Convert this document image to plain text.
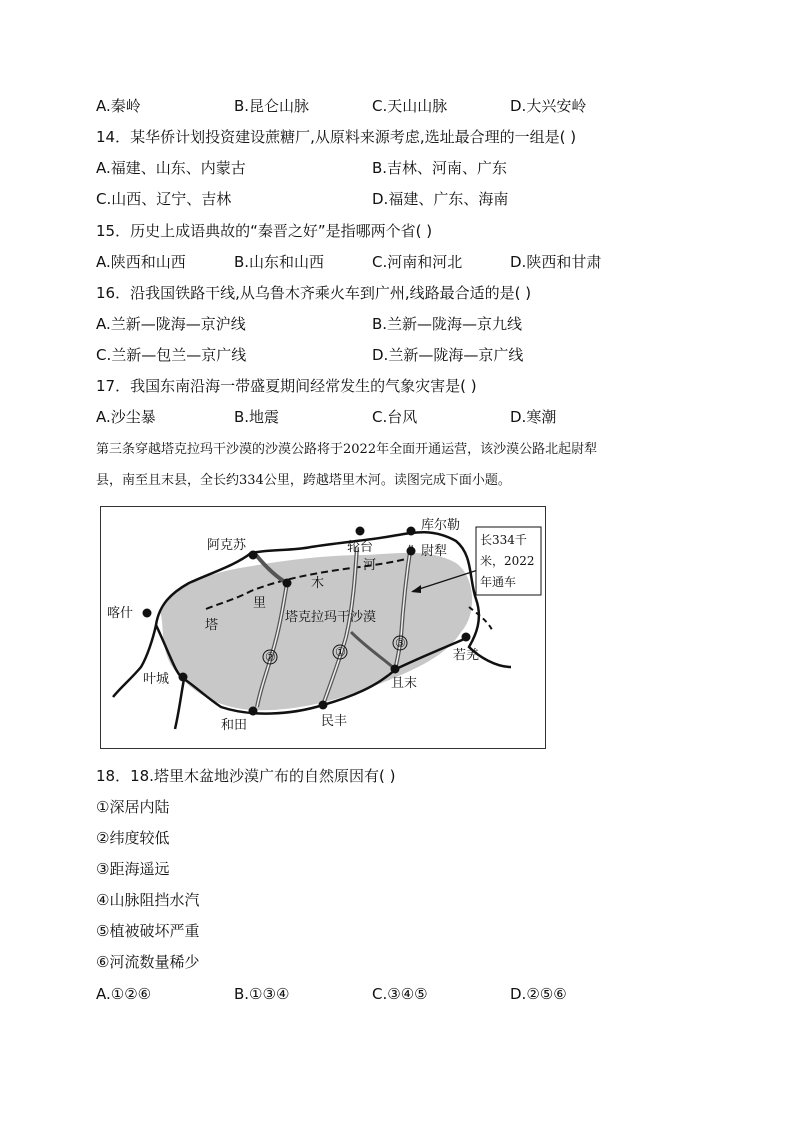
A.秦岭	B.昆仑山脉	C.天山山脉	D.大兴安岭
14．某华侨计划投资建设蔗糖厂,从原料来源考虑,选址最合理的一组是( )
A.福建、山东、内蒙古	B.吉林、河南、广东
C.山西、辽宁、吉林	D.福建、广东、海南
15．历史上成语典故的“秦晋之好”是指哪两个省( )
A.陕西和山西	B.山东和山西	C.河南和河北	D.陕西和甘肃
16．沿我国铁路干线,从乌鲁木齐乘火车到广州,线路最合适的是( )
A.兰新—陇海—京沪线	B.兰新—陇海—京九线
C.兰新—包兰—京广线	D.兰新—陇海—京广线
17．我国东南沿海一带盛夏期间经常发生的气象灾害是( )
A.沙尘暴	B.地震	C.台风	D.寒潮
第三条穿越塔克拉玛干沙漠的沙漠公路将于2022年全面开通运营，该沙漠公路北起尉犁
县，南至且末县，全长约334公里，跨越塔里木河。读图完成下面小题。
长334千
米，2022
年通车
阿克苏	轮台
库尔勒
尉犁
喀什
若羌
叶城
和田	民丰
且末
塔
里
木
河
塔克拉玛干沙漠
②	①
③
18．18.塔里木盆地沙漠广布的自然原因有( )
①深居内陆
②纬度较低
③距海遥远
④山脉阻挡水汽
⑤植被破坏严重
⑥河流数量稀少
A.①②⑥	B.①③④	C.③④⑤	D.②⑤⑥
